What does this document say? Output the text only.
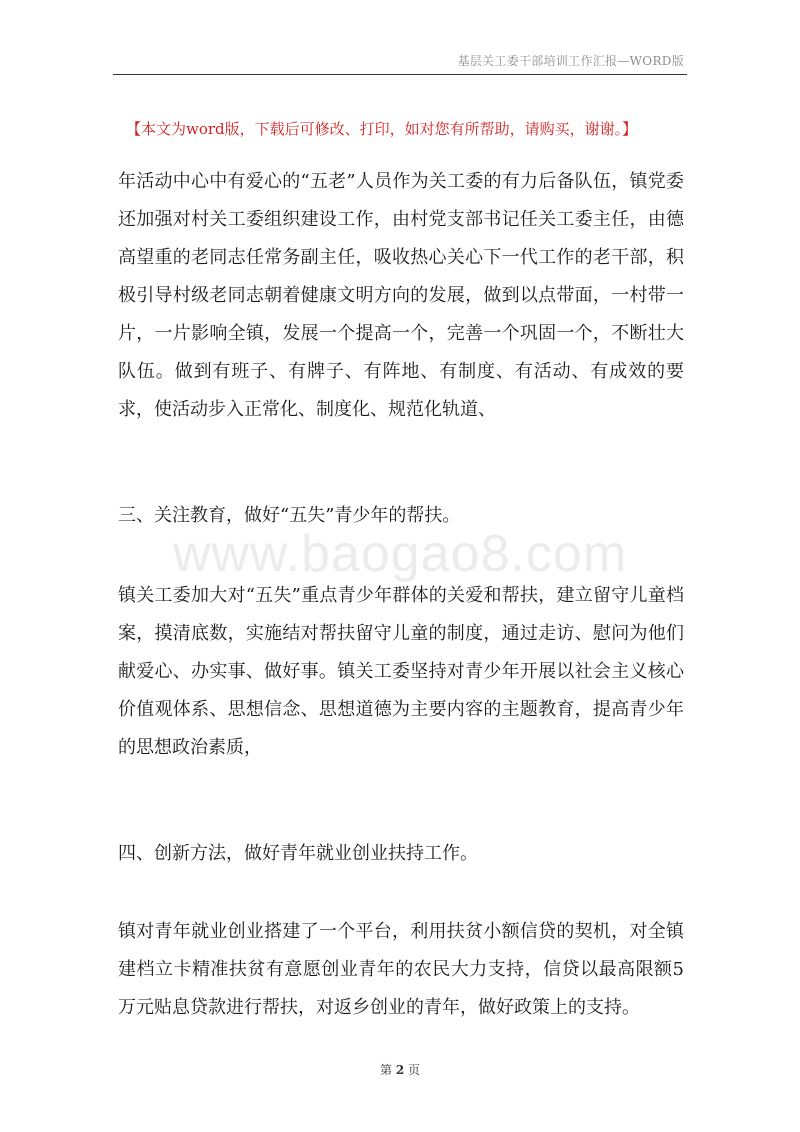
基层关工委干部培训工作汇报—WORD版
【本文为word版，下载后可修改、打印，如对您有所帮助，请购买，谢谢。】
年活动中心中有爱心的“五老”人员作为关工委的有力后备队伍，镇党委还加强对村关工委组织建设工作，由村党支部书记任关工委主任，由德高望重的老同志任常务副主任，吸收热心关心下一代工作的老干部，积极引导村级老同志朝着健康文明方向的发展，做到以点带面，一村带一片，一片影响全镇，发展一个提高一个，完善一个巩固一个，不断壮大队伍。做到有班子、有牌子、有阵地、有制度、有活动、有成效的要求，使活动步入正常化、制度化、规范化轨道、
三、关注教育，做好“五失”青少年的帮扶。
www.baogao8.com
镇关工委加大对“五失”重点青少年群体的关爱和帮扶，建立留守儿童档案，摸清底数，实施结对帮扶留守儿童的制度，通过走访、慰问为他们献爱心、办实事、做好事。镇关工委坚持对青少年开展以社会主义核心价值观体系、思想信念、思想道德为主要内容的主题教育，提高青少年的思想政治素质，
四、创新方法，做好青年就业创业扶持工作。
镇对青年就业创业搭建了一个平台，利用扶贫小额信贷的契机，对全镇建档立卡精准扶贫有意愿创业青年的农民大力支持，信贷以最高限额5万元贴息贷款进行帮扶，对返乡创业的青年，做好政策上的支持。
第 2 页
